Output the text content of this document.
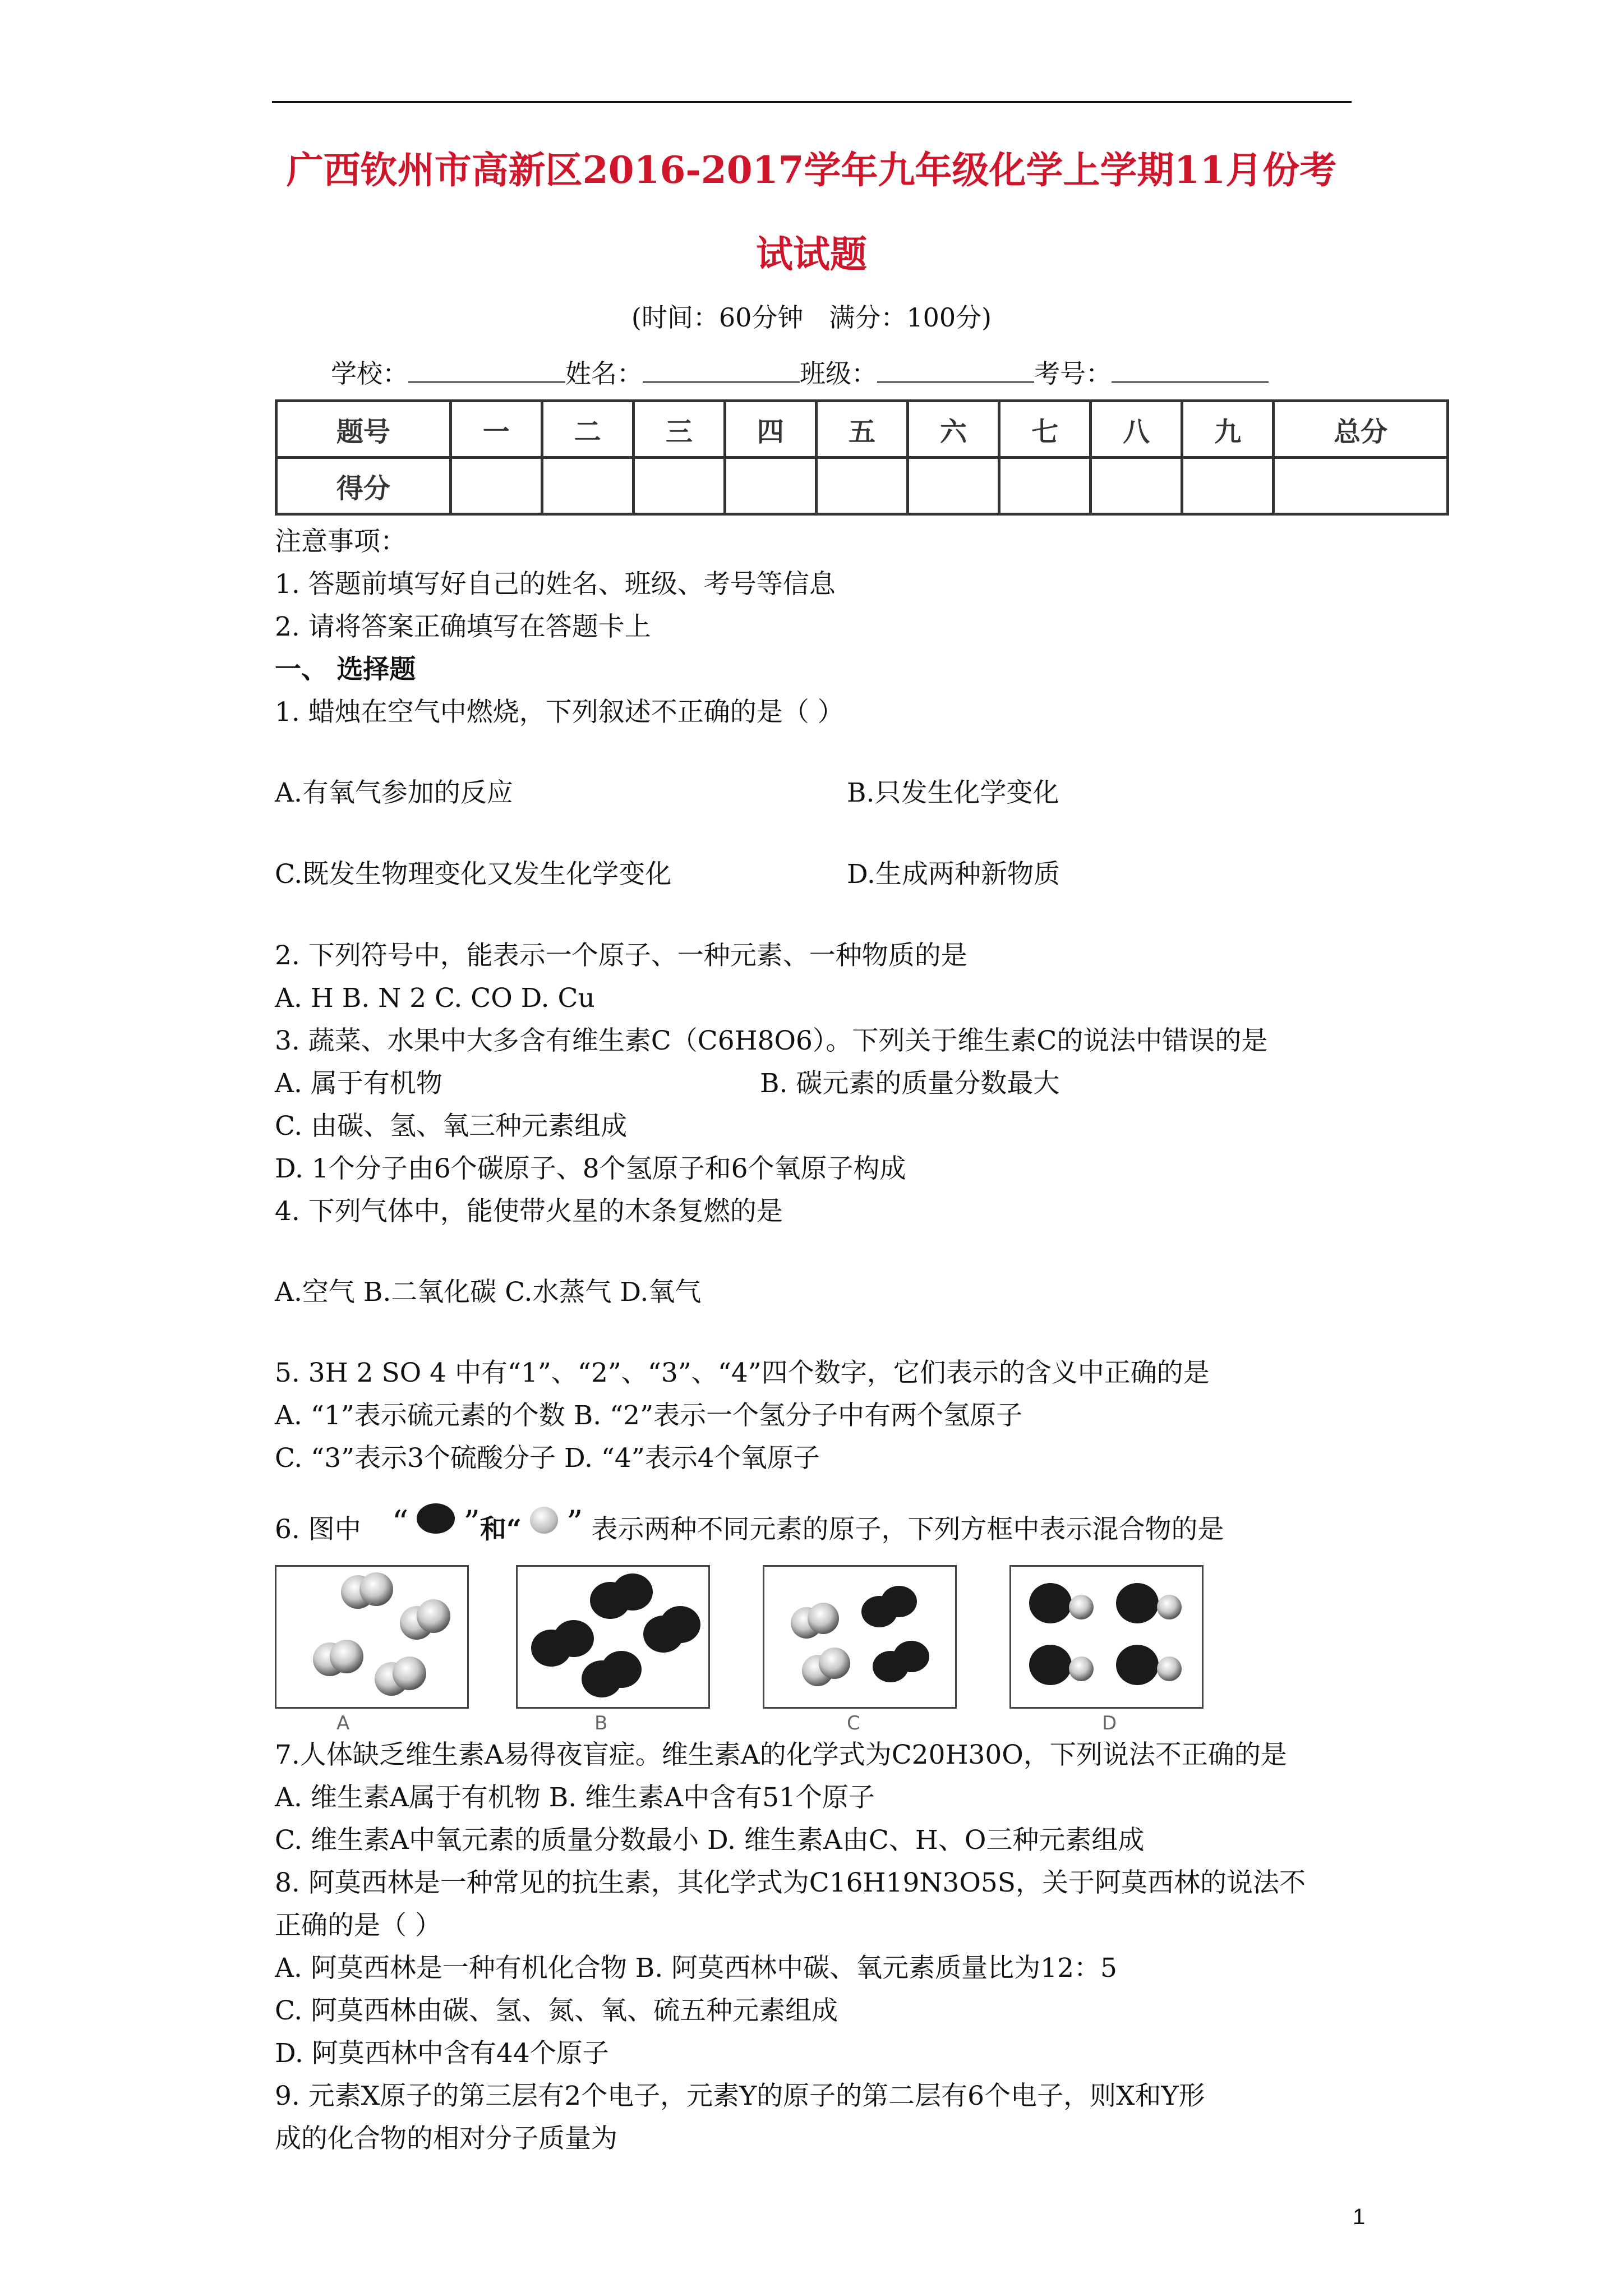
广西钦州市高新区2016-2017学年九年级化学上学期11月份考
试试题
(时间：60分钟　满分：100分)
学校：	姓名：	班级：	考号：
题号	一	二	三	四	五	六	七	八	九	总分
得分										
注意事项：
1. 答题前填写好自己的姓名、班级、考号等信息
2. 请将答案正确填写在答题卡上
一、 选择题
1. 蜡烛在空气中燃烧，下列叙述不正确的是（ ）
A.有氧气参加的反应	B.只发生化学变化
C.既发生物理变化又发生化学变化	D.生成两种新物质
2. 下列符号中，能表示一个原子、一种元素、一种物质的是
A. H B. N 2 C. CO D. Cu
3. 蔬菜、水果中大多含有维生素C（C6H8O6）。下列关于维生素C的说法中错误的是
A. 属于有机物	B. 碳元素的质量分数最大
C. 由碳、氢、氧三种元素组成
D. 1个分子由6个碳原子、8个氢原子和6个氧原子构成
4. 下列气体中，能使带火星的木条复燃的是
A.空气 B.二氧化碳 C.水蒸气 D.氧气
5. 3H 2 SO 4 中有“1”、“2”、“3”、“4”四个数字，它们表示的含义中正确的是
A. “1”表示硫元素的个数 B. “2”表示一个氢分子中有两个氢原子
C. “3”表示3个硫酸分子 D. “4”表示4个氧原子
6. 图中 “ ”和“ ” 表示两种不同元素的原子，下列方框中表示混合物的是
A	B	C	D
7.人体缺乏维生素A易得夜盲症。维生素A的化学式为C20H30O，下列说法不正确的是
A. 维生素A属于有机物 B. 维生素A中含有51个原子
C. 维生素A中氧元素的质量分数最小 D. 维生素A由C、H、O三种元素组成
8. 阿莫西林是一种常见的抗生素，其化学式为C16H19N3O5S，关于阿莫西林的说法不
正确的是（ ）
A. 阿莫西林是一种有机化合物 B. 阿莫西林中碳、氧元素质量比为12：5
C. 阿莫西林由碳、氢、氮、氧、硫五种元素组成
D. 阿莫西林中含有44个原子
9. 元素X原子的第三层有2个电子，元素Y的原子的第二层有6个电子，则X和Y形
成的化合物的相对分子质量为
1
